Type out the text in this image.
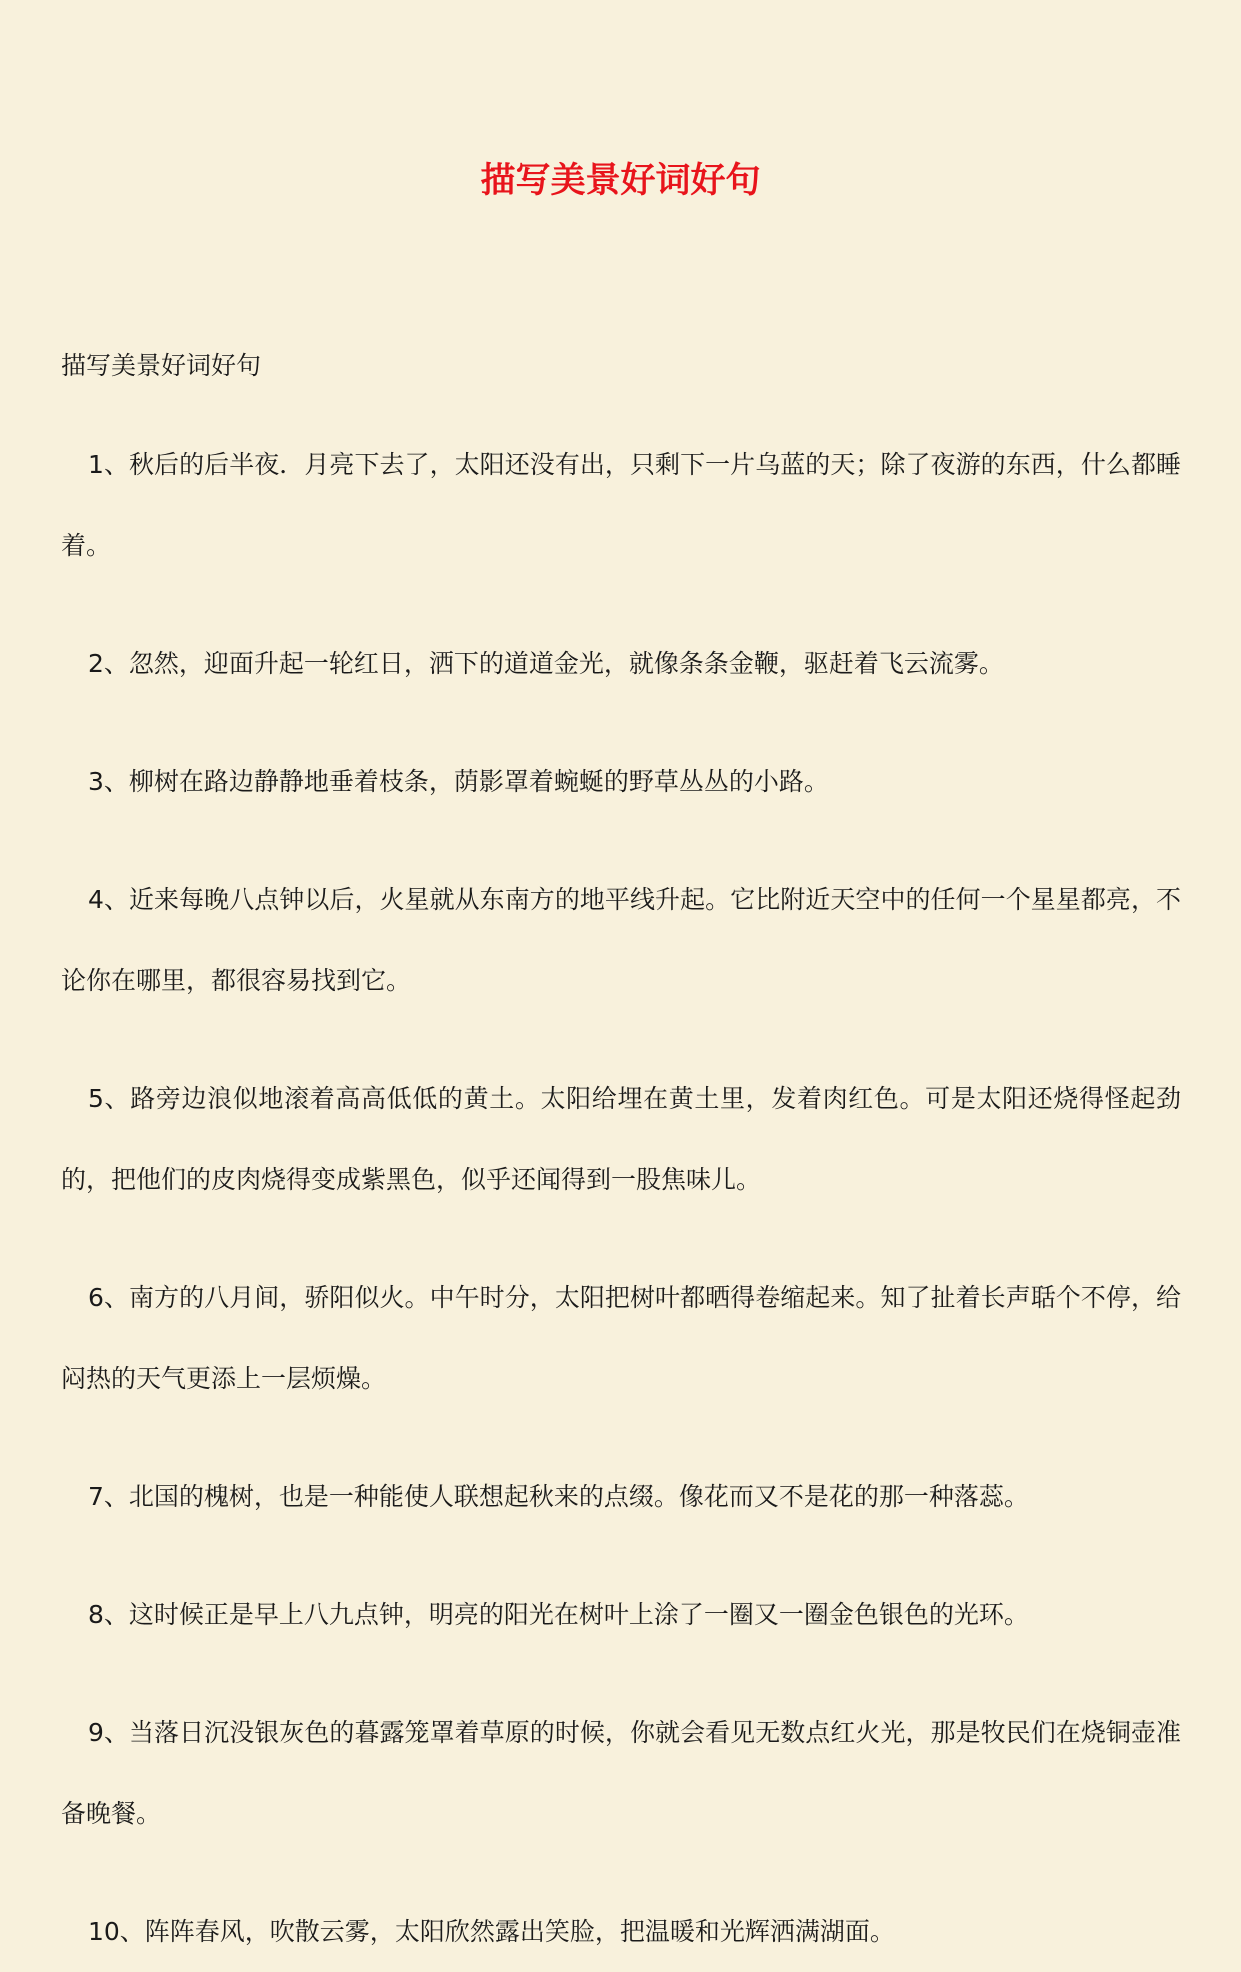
描写美景好词好句

描写美景好词好句

1、秋后的后半夜．月亮下去了，太阳还没有出，只剩下一片乌蓝的天；除了夜游的东西，什么都睡着。
2、忽然，迎面升起一轮红日，洒下的道道金光，就像条条金鞭，驱赶着飞云流雾。
3、柳树在路边静静地垂着枝条，荫影罩着蜿蜒的野草丛丛的小路。
4、近来每晚八点钟以后，火星就从东南方的地平线升起。它比附近天空中的任何一个星星都亮，不论你在哪里，都很容易找到它。
5、路旁边浪似地滚着高高低低的黄土。太阳给埋在黄土里，发着肉红色。可是太阳还烧得怪起劲的，把他们的皮肉烧得变成紫黑色，似乎还闻得到一股焦味儿。
6、南方的八月间，骄阳似火。中午时分，太阳把树叶都晒得卷缩起来。知了扯着长声聒个不停，给闷热的天气更添上一层烦燥。
7、北国的槐树，也是一种能使人联想起秋来的点缀。像花而又不是花的那一种落蕊。
8、这时候正是早上八九点钟，明亮的阳光在树叶上涂了一圈又一圈金色银色的光环。
9、当落日沉没银灰色的暮露笼罩着草原的时候，你就会看见无数点红火光，那是牧民们在烧铜壶准备晚餐。
10、阵阵春风，吹散云雾，太阳欣然露出笑脸，把温暖和光辉洒满湖面。
